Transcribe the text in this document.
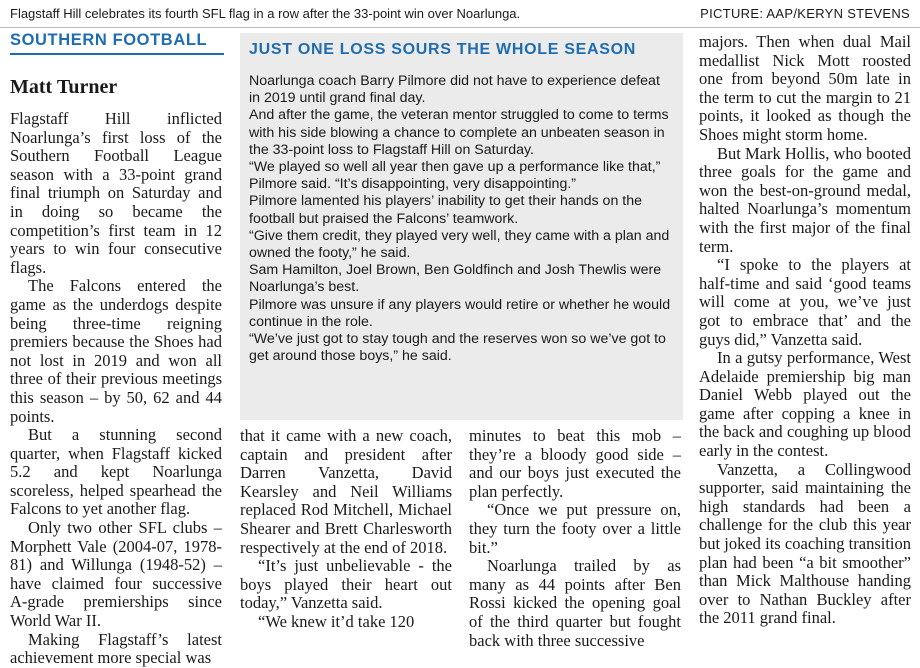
Flagstaff Hill celebrates its fourth SFL flag in a row after the 33-point win over Noarlunga.	PICTURE: AAP/KERYN STEVENS
SOUTHERN FOOTBALL
Matt Turner

Flagstaff Hill inflicted Noarlunga’s first loss of the Southern Football League season with a 33-point grand final triumph on Saturday and in doing so became the competition’s first team in 12 years to win four consecutive flags.

The Falcons entered the game as the underdogs despite being three-time reigning premiers because the Shoes had not lost in 2019 and won all three of their previous meetings this season – by 50, 62 and 44 points.

But a stunning second quarter, when Flagstaff kicked 5.2 and kept Noarlunga scoreless, helped spearhead the Falcons to yet another flag.

Only two other SFL clubs – Morphett Vale (2004-07, 1978-81) and Willunga (1948-52) – have claimed four successive A-grade premierships since World War II.

Making Flagstaff’s latest achievement more special was

JUST ONE LOSS SOURS THE WHOLE SEASON

Noarlunga coach Barry Pilmore did not have to experience defeat in 2019 until grand final day.

And after the game, the veteran mentor struggled to come to terms with his side blowing a chance to complete an unbeaten season in the 33-point loss to Flagstaff Hill on Saturday.

“We played so well all year then gave up a performance like that,” Pilmore said. “It’s disappointing, very disappointing.”

Pilmore lamented his players’ inability to get their hands on the football but praised the Falcons’ teamwork.

“Give them credit, they played very well, they came with a plan and owned the footy,” he said.

Sam Hamilton, Joel Brown, Ben Goldfinch and Josh Thewlis were Noarlunga’s best.

Pilmore was unsure if any players would retire or whether he would continue in the role.

“We’ve just got to stay tough and the reserves won so we’ve got to get around those boys,” he said.

that it came with a new coach, captain and president after Darren Vanzetta, David Kearsley and Neil Williams replaced Rod Mitchell, Michael Shearer and Brett Charlesworth respectively at the end of 2018.

“It’s just unbelievable - the boys played their heart out today,” Vanzetta said.

“We knew it’d take 120

minutes to beat this mob – they’re a bloody good side – and our boys just executed the plan perfectly.

“Once we put pressure on, they turn the footy over a little bit.”

Noarlunga trailed by as many as 44 points after Ben Rossi kicked the opening goal of the third quarter but fought back with three successive

majors. Then when dual Mail medallist Nick Mott roosted one from beyond 50m late in the term to cut the margin to 21 points, it looked as though the Shoes might storm home.

But Mark Hollis, who booted three goals for the game and won the best-on-ground medal, halted Noarlunga’s momentum with the first major of the final term.

“I spoke to the players at half-time and said ‘good teams will come at you, we’ve just got to embrace that’ and the guys did,” Vanzetta said.

In a gutsy performance, West Adelaide premiership big man Daniel Webb played out the game after copping a knee in the back and coughing up blood early in the contest.

Vanzetta, a Collingwood supporter, said maintaining the high standards had been a challenge for the club this year but joked its coaching transition plan had been “a bit smoother” than Mick Malthouse handing over to Nathan Buckley after the 2011 grand final.
